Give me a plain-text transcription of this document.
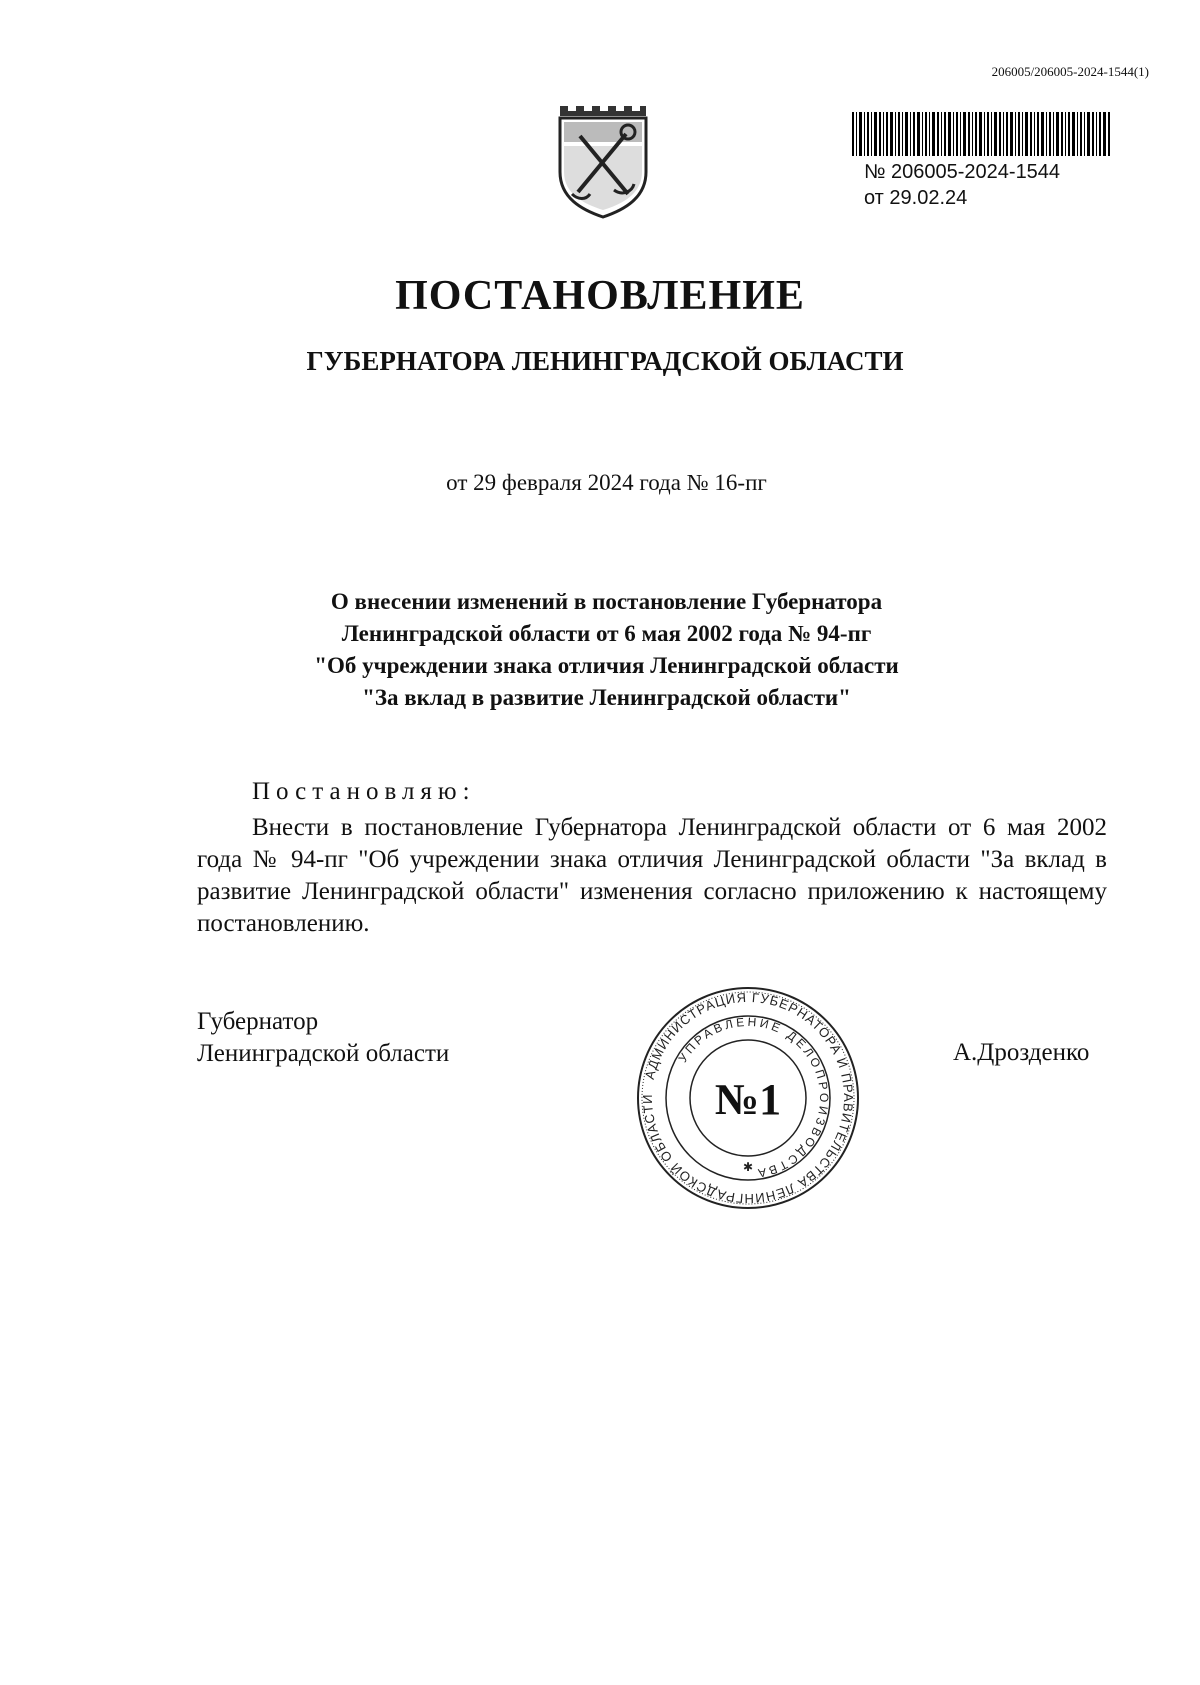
206005/206005-2024-1544(1)
№ 206005-2024-1544
от 29.02.24
ПОСТАНОВЛЕНИЕ
ГУБЕРНАТОРА ЛЕНИНГРАДСКОЙ ОБЛАСТИ
от 29 февраля 2024 года № 16-пг
О внесении изменений в постановление Губернатора
Ленинградской области от 6 мая 2002 года № 94-пг
"Об учреждении знака отличия Ленинградской области
"За вклад в развитие Ленинградской области"
Постановляю:
Внести в постановление Губернатора Ленинградской области от 6 мая 2002 года № 94-пг "Об учреждении знака отличия Ленинградской области "За вклад в развитие Ленинградской области" изменения согласно приложению к настоящему постановлению.
Губернатор
Ленинградской области	А.Дрозденко
АДМИНИСТРАЦИЯ ГУБЕРНАТОРА И ПРАВИТЕЛЬСТВА ЛЕНИНГРАДСКОЙ ОБЛАСТИ
УПРАВЛЕНИЕ ДЕЛОПРОИЗВОДСТВА
№1
✱
